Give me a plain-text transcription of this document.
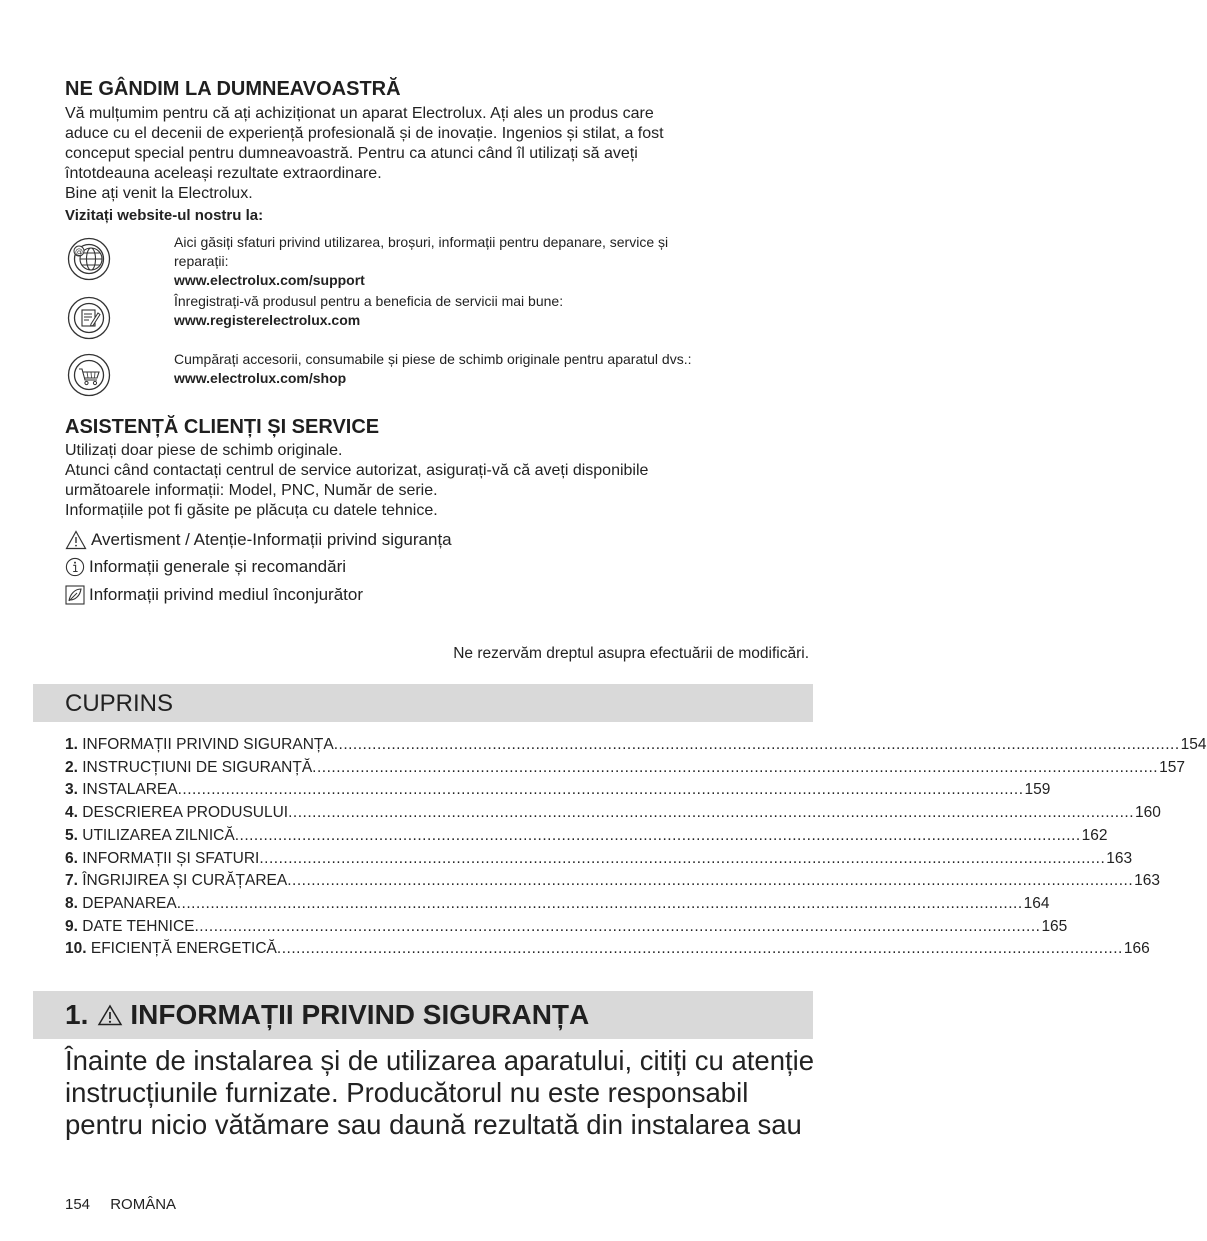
NE GÂNDIM LA DUMNEAVOASTRĂ
Vă mulțumim pentru că ați achiziționat un aparat Electrolux. Ați ales un produs care
aduce cu el decenii de experiență profesională și de inovație. Ingenios și stilat, a fost
conceput special pentru dumneavoastră. Pentru ca atunci când îl utilizați să aveți
întotdeauna aceleași rezultate extraordinare.
Bine ați venit la Electrolux.
Vizitați website-ul nostru la:
@
Aici găsiți sfaturi privind utilizarea, broșuri, informații pentru depanare, service și
reparații:
www.electrolux.com/support
Înregistrați-vă produsul pentru a beneficia de servicii mai bune:
www.registerelectrolux.com
Cumpărați accesorii, consumabile și piese de schimb originale pentru aparatul dvs.:
www.electrolux.com/shop
ASISTENȚĂ CLIENȚI ȘI SERVICE
Utilizați doar piese de schimb originale.
Atunci când contactați centrul de service autorizat, asigurați-vă că aveți disponibile
următoarele informații: Model, PNC, Număr de serie.
Informațiile pot fi găsite pe plăcuța cu datele tehnice.
Avertisment / Atenție-Informații privind siguranța
Informații generale și recomandări
Informații privind mediul înconjurător
Ne rezervăm dreptul asupra efectuării de modificări.
CUPRINS
1. INFORMAȚII PRIVIND SIGURANȚA ................................................................................................................................................................................ 154
2. INSTRUCȚIUNI DE SIGURANȚĂ ................................................................................................................................................................................ 157
3. INSTALAREA ................................................................................................................................................................................ 159
4. DESCRIEREA PRODUSULUI ................................................................................................................................................................................ 160
5. UTILIZAREA ZILNICĂ ................................................................................................................................................................................ 162
6. INFORMAȚII ȘI SFATURI ................................................................................................................................................................................ 163
7. ÎNGRIJIREA ȘI CURĂȚAREA ................................................................................................................................................................................ 163
8. DEPANAREA ................................................................................................................................................................................ 164
9. DATE TEHNICE ................................................................................................................................................................................ 165
10. EFICIENȚĂ ENERGETICĂ ................................................................................................................................................................................ 166
1. INFORMAȚII PRIVIND SIGURANȚA
Înainte de instalarea și de utilizarea aparatului, citiți cu atenție
instrucțiunile furnizate. Producătorul nu este responsabil
pentru nicio vătămare sau daună rezultată din instalarea sau
154 ROMÂNA
